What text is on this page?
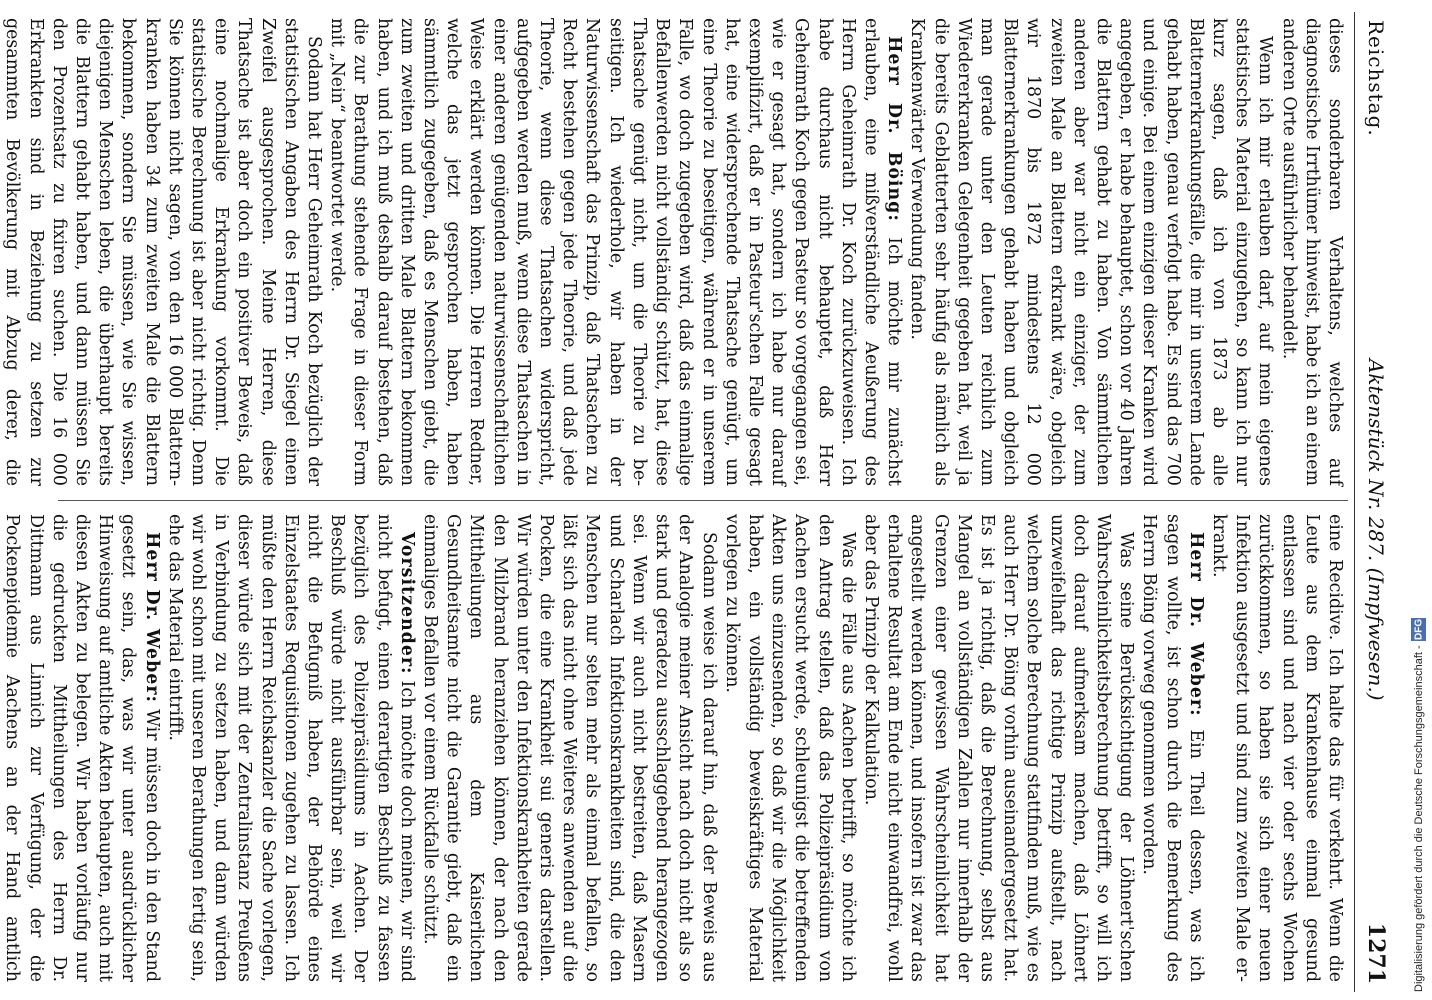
Digitalisierung gefördert durch die Deutsche Forschungsgemeinschaft -
DFG
Reichstag.
Aktenstück Nr. 287. (Impfwesen.)
1271

dieses sonderbaren Verhaltens, welches auf diagnostische Irrthümer hinweist, habe ich an einem anderen Orte ausführlicher behandelt.

Wenn ich mir erlauben darf, auf mein eigenes statistisches Material einzugehen, so kann ich nur kurz sagen, daß ich von 1873 ab alle Blatternerkrankungsfälle, die mir in unserem Lande gehabt haben, genau verfolgt habe. Es sind das 700 und einige. Bei einem einzigen dieser Kranken wird angegeben, er habe behauptet, schon vor 40 Jahren die Blattern gehabt zu haben. Von sämmtlichen anderen aber war nicht ein einziger, der zum zweiten Male an Blattern erkrankt wäre, obgleich wir 1870 bis 1872 mindestens 12 000 Blatternerkrankungen gehabt haben und obgleich man gerade unter den Leuten reichlich zum Wiedererkranken Gelegenheit gegeben hat, weil ja die bereits Geblatterten sehr häufig als nämlich als Krankenwärter Verwendung fanden.

Herr Dr. Böing: Ich möchte mir zunächst erlauben, eine mißverständliche Aeußerung des Herrn Geheimrath Dr. Koch zurückzuweisen. Ich habe durchaus nicht behauptet, daß Herr Geheimrath Koch gegen Pasteur so vorgegangen sei, wie er gesagt hat, sondern ich habe nur darauf exemplifizirt, daß er in Pasteur'schen Falle gesagt hat, eine widersprechende Thatsache genügt, um eine Theorie zu beseitigen, während er in unserem Falle, wo doch zugegeben wird, daß das einmalige Befallenwerden nicht vollständig schützt, hat, diese Thatsache genügt nicht, um die Theorie zu beseitigen. Ich wiederhole, wir haben in der Naturwissenschaft das Prinzip, daß Thatsachen zu Recht bestehen gegen jede Theorie, und daß jede Theorie, wenn diese Thatsachen widerspricht, aufgegeben werden muß, wenn diese Thatsachen in einer anderen genügenden naturwissenschaftlichen Weise erklärt werden können. Die Herren Redner, welche das jetzt gesprochen haben, haben sämmtlich zugegeben, daß es Menschen giebt, die zum zweiten und dritten Male Blattern bekommen haben, und ich muß deshalb darauf bestehen, daß die zur Berathung stehende Frage in dieser Form mit „Nein“ beantwortet werde.

Sodann hat Herr Geheimrath Koch bezüglich der statistischen Angaben des Herrn Dr. Siegel einen Zweifel ausgesprochen. Meine Herren, diese Thatsache ist aber doch ein positiver Beweis, daß eine nochmalige Erkrankung vorkommt. Die statistische Berechnung ist aber nicht richtig. Denn Sie können nicht sagen, von den 16 000 Blatternkranken haben 34 zum zweiten Male die Blattern bekommen, sondern Sie müssen, wie Sie wissen, diejenigen Menschen leben, die überhaupt bereits die Blattern gehabt haben, und dann müssen Sie den Prozentsatz zu fixiren suchen. Die 16 000 Erkrankten sind in Beziehung zu setzen zur gesammten Bevölkerung mit Abzug derer, die

eine Recidive. Ich halte das für verkehrt. Wenn die Leute aus dem Krankenhause einmal gesund entlassen sind und nach vier oder sechs Wochen zurückkommen, so haben sie sich einer neuen Infektion ausgesetzt und sind zum zweiten Male erkrankt.

Herr Dr. Weber: Ein Theil dessen, was ich sagen wollte, ist schon durch die Bemerkung des Herrn Böing vorweg genommen worden.

Was seine Berücksichtigung der Löhnert'schen Wahrscheinlichkeitsberechnung betrifft, so will ich doch darauf aufmerksam machen, daß Löhnert unzweifelhaft das richtige Prinzip aufstellt, nach welchem solche Berechnung stattfinden muß, wie es auch Herr Dr. Böing vorhin auseinandergesetzt hat. Es ist ja richtig, daß die Berechnung, selbst aus Mangel an vollständigen Zahlen nur innerhalb der Grenzen einer gewissen Wahrscheinlichkeit hat angestellt werden können, und insofern ist zwar das erhaltene Resultat am Ende nicht einwandfrei, wohl aber das Prinzip der Kalkulation.

Was die Fälle aus Aachen betrifft, so möchte ich den Antrag stellen, daß das Polizeipräsidium von Aachen ersucht werde, schleunigst die betreffenden Akten uns einzusenden, so daß wir die Möglichkeit haben, ein vollständig beweiskräftiges Material vorlegen zu können.

Sodann weise ich darauf hin, daß der Beweis aus der Analogie meiner Ansicht nach doch nicht als so stark und geradezu ausschlaggebend herangezogen sei. Wenn wir auch nicht bestreiten, daß Masern und Scharlach Infektionskrankheiten sind, die den Menschen nur selten mehr als einmal befallen, so läßt sich das nicht ohne Weiteres anwenden auf die Pocken, die eine Krankheit sui generis darstellen. Wir würden unter den Infektionskrankheiten gerade den Milzbrand heranziehen können, der nach den Mittheilungen aus dem Kaiserlichen Gesundheitsamte nicht die Garantie giebt, daß ein einmaliges Befallen vor einem Rückfalle schützt.

Vorsitzender: Ich möchte doch meinen, wir sind nicht befugt, einen derartigen Beschluß zu fassen bezüglich des Polizeipräsidiums in Aachen. Der Beschluß würde nicht ausführbar sein, weil wir nicht die Befugniß haben, der Behörde eines Einzelstaates Requisitionen zugehen zu lassen. Ich müßte den Herrn Reichskanzler die Sache vorlegen, dieser würde sich mit der Zentralinstanz Preußens in Verbindung zu setzen haben, und dann würden wir wohl schon mit unseren Berathungen fertig sein, ehe das Material eintrifft.

Herr Dr. Weber: Wir müssen doch in den Stand gesetzt sein, das, was wir unter ausdrücklicher Hinweisung auf amtliche Akten behaupten, auch mit diesen Akten zu belegen. Wir haben vorläufig nur die gedruckten Mittheilungen des Herrn Dr. Dittmann aus Linnich zur Verfügung, der die Pockenepidemie Aachens an der Hand amtlich
